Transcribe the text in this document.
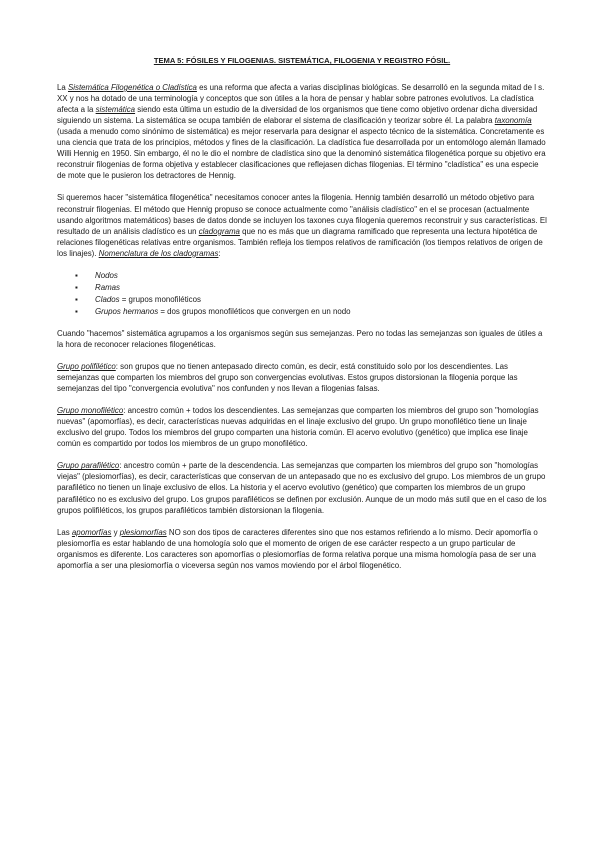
TEMA 5: FÓSILES Y FILOGENIAS. SISTEMÁTICA, FILOGENIA Y REGISTRO FÓSIL.

La Sistemática Filogenética o Cladística es una reforma que afecta a varias disciplinas biológicas. Se desarrolló en la segunda mitad de l s. XX y nos ha dotado de una terminología y conceptos que son útiles a la hora de pensar y hablar sobre patrones evolutivos. La cladística afecta a la sistemática siendo esta última un estudio de la diversidad de los organismos que tiene como objetivo ordenar dicha diversidad siguiendo un sistema. La sistemática se ocupa también de elaborar el sistema de clasificación y teorizar sobre él. La palabra taxonomía (usada a menudo como sinónimo de sistemática) es mejor reservarla para designar el aspecto técnico de la sistemática. Concretamente es una ciencia que trata de los principios, métodos y fines de la clasificación. La cladística fue desarrollada por un entomólogo alemán llamado Willi Hennig en 1950. Sin embargo, él no le dio el nombre de cladística sino que la denominó sistemática filogenética porque su objetivo era reconstruir filogenias de forma objetiva y establecer clasificaciones que reflejasen dichas filogenias. El término "cladística" es una especie de mote que le pusieron los detractores de Hennig.

Si queremos hacer "sistemática filogenética" necesitamos conocer antes la filogenia. Hennig también desarrolló un método objetivo para reconstruir filogenias. El método que Hennig propuso se conoce actualmente como "análisis cladístico" en el se procesan (actualmente usando algoritmos matemáticos) bases de datos donde se incluyen los taxones cuya filogenia queremos reconstruir y sus características. El resultado de un análisis cladístico es un cladograma que no es más que un diagrama ramificado que representa una lectura hipotética de relaciones filogenéticas relativas entre organismos. También refleja los tiempos relativos de ramificación (los tiempos relativos de origen de los linajes). Nomenclatura de los cladogramas:

▪ Nodos
▪ Ramas
▪ Clados = grupos monofiléticos
▪ Grupos hermanos = dos grupos monofiléticos que convergen en un nodo

Cuando "hacemos" sistemática agrupamos a los organismos según sus semejanzas. Pero no todas las semejanzas son iguales de útiles a la hora de reconocer relaciones filogenéticas.

Grupo polifilético: son grupos que no tienen antepasado directo común, es decir, está constituido solo por los descendientes. Las semejanzas que comparten los miembros del grupo son convergencias evolutivas. Estos grupos distorsionan la filogenia porque las semejanzas del tipo "convergencia evolutiva" nos confunden y nos llevan a filogenias falsas.

Grupo monofilético: ancestro común + todos los descendientes. Las semejanzas que comparten los miembros del grupo son "homologías nuevas" (apomorfías), es decir, características nuevas adquiridas en el linaje exclusivo del grupo. Un grupo monofilético tiene un linaje exclusivo del grupo. Todos los miembros del grupo comparten una historia común. El acervo evolutivo (genético) que implica ese linaje común es compartido por todos los miembros de un grupo monofilético.

Grupo parafilético: ancestro común + parte de la descendencia. Las semejanzas que comparten los miembros del grupo son "homologías viejas" (plesiomorfías), es decir, características que conservan de un antepasado que no es exclusivo del grupo. Los miembros de un grupo parafilético no tienen un linaje exclusivo de ellos. La historia y el acervo evolutivo (genético) que comparten los miembros de un grupo parafilético no es exclusivo del grupo. Los grupos parafiléticos se definen por exclusión. Aunque de un modo más sutil que en el caso de los grupos polifiléticos, los grupos parafiléticos también distorsionan la filogenia.

Las apomorfías y plesiomorfías NO son dos tipos de caracteres diferentes sino que nos estamos refiriendo a lo mismo. Decir apomorfía o plesiomorfía es estar hablando de una homología solo que el momento de origen de ese carácter respecto a un grupo particular de organismos es diferente. Los caracteres son apomorfías o plesiomorfías de forma relativa porque una misma homología pasa de ser una apomorfía a ser una plesiomorfía o viceversa según nos vamos moviendo por el árbol filogenético.
